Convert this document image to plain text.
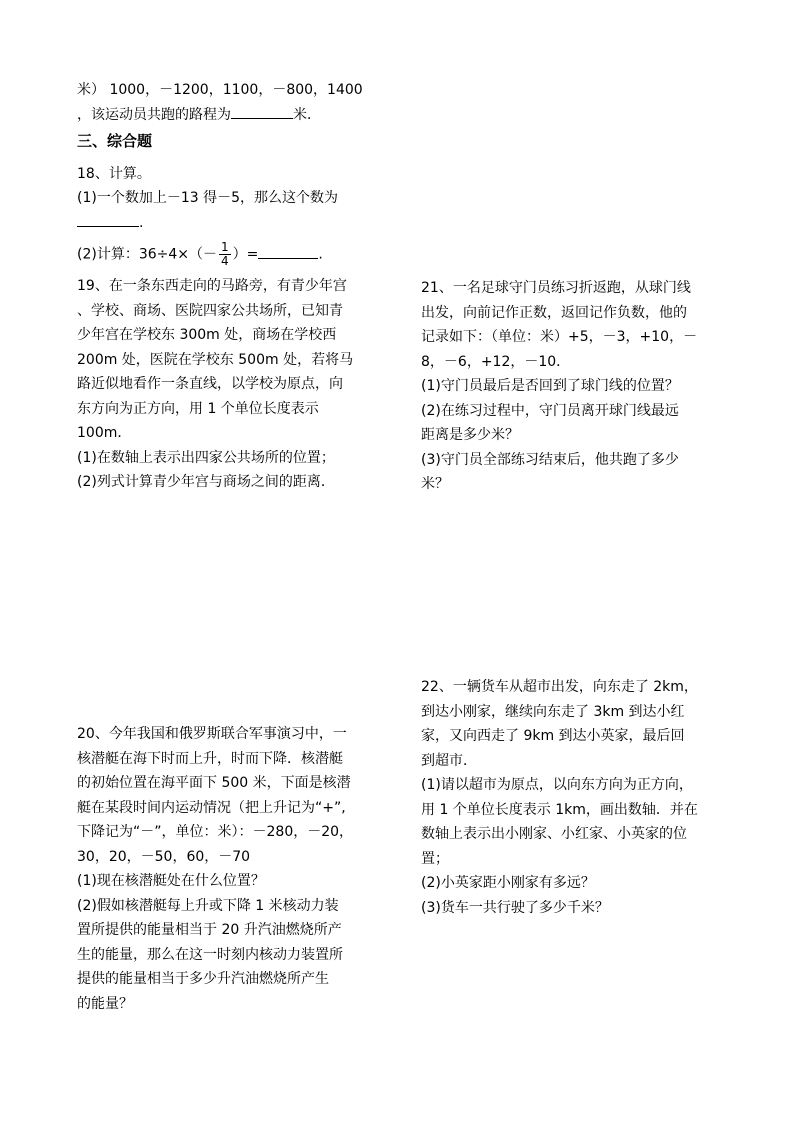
米） 1000，－1200，1100，－800，1400

，该运动员共跑的路程为	米．

三、综合题

18、计算。

(1)一个数加上－13 得－5，那么这个数为

.

(2)计算：$36\div 4\times(- \frac{1}{4}$ ）=	.

19、在一条东西走向的马路旁，有青少年宫

、学校、商场、医院四家公共场所，已知青

少年宫在学校东 300m 处，商场在学校西

200m 处，医院在学校东 500m 处，若将马

路近似地看作一条直线，以学校为原点，向

东方向为正方向，用 1 个单位长度表示

100m．

(1)在数轴上表示出四家公共场所的位置；

(2)列式计算青少年宫与商场之间的距离．

20、今年我国和俄罗斯联合军事演习中，一

核潜艇在海下时而上升，时而下降．核潜艇

的初始位置在海平面下 500 米，下面是核潜

艇在某段时间内运动情况（把上升记为“+”,

下降记为“－”，单位：米）：－280，－20，

30，20，－50，60，－70

(1)现在核潜艇处在什么位置？

(2)假如核潜艇每上升或下降 1 米核动力装

置所提供的能量相当于 20 升汽油燃烧所产

生的能量，那么在这一时刻内核动力装置所

提供的能量相当于多少升汽油燃烧所产生

的能量？

21、一名足球守门员练习折返跑，从球门线

出发，向前记作正数，返回记作负数，他的

记录如下：（单位：米）+5，－3，+10，－

8，－6，+12，－10．

(1)守门员最后是否回到了球门线的位置？

(2)在练习过程中，守门员离开球门线最远

距离是多少米？

(3)守门员全部练习结束后，他共跑了多少

米？

22、一辆货车从超市出发，向东走了 2km，

到达小刚家，继续向东走了 3km 到达小红

家，又向西走了 9km 到达小英家，最后回

到超市．

(1)请以超市为原点，以向东方向为正方向，

用 1 个单位长度表示 1km，画出数轴．并在

数轴上表示出小刚家、小红家、小英家的位

置；

(2)小英家距小刚家有多远？

(3)货车一共行驶了多少千米？
